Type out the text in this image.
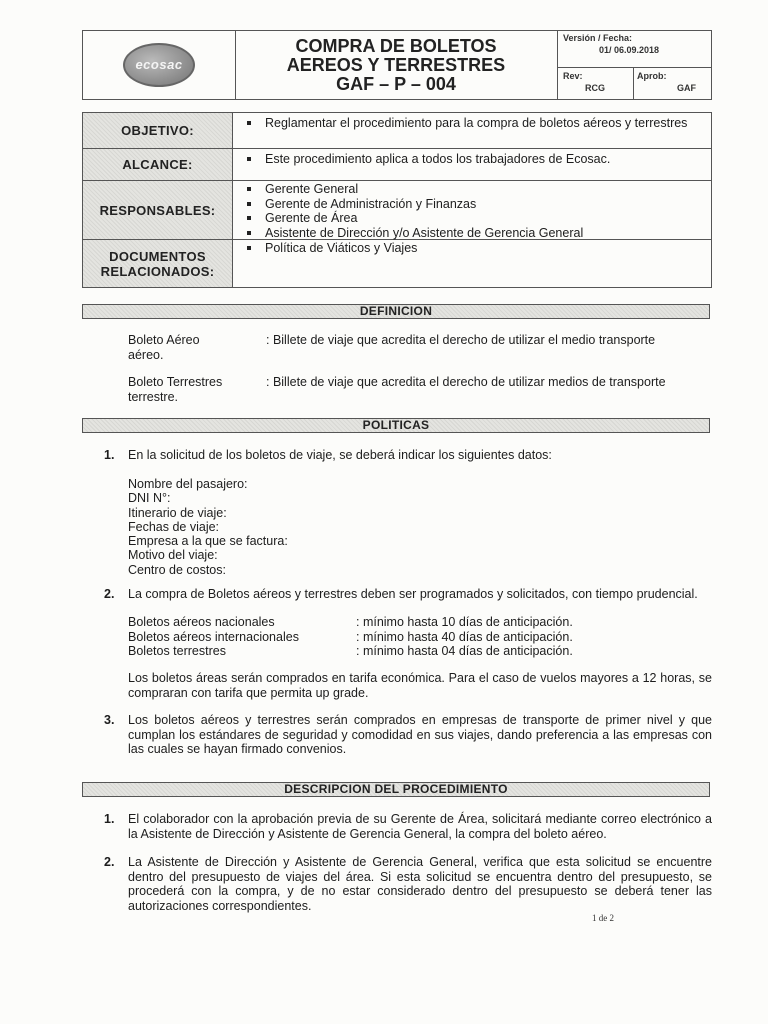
ecosac
COMPRA DE BOLETOS
AEREOS Y TERRESTRES
GAF – P – 004
Versión / Fecha:
01/ 06.09.2018
Rev:
RCG
Aprob:
GAF
OBJETIVO:	Reglamentar el procedimiento para la compra de boletos aéreos y terrestres
ALCANCE:	Este procedimiento aplica a todos los trabajadores de Ecosac.
RESPONSABLES:
Gerente General
Gerente de Administración y Finanzas
Gerente de Área
Asistente de Dirección y/o Asistente de Gerencia General
DOCUMENTOS RELACIONADOS:
Política de Viáticos y Viajes
DEFINICION
Boleto Aéreo
aéreo.
: Billete de viaje que acredita el derecho de utilizar el medio transporte
Boleto Terrestres
terrestre.
: Billete de viaje que acredita el derecho de utilizar medios de transporte
POLITICAS
1. En la solicitud de los boletos de viaje, se deberá indicar los siguientes datos:
Nombre del pasajero:
DNI N°:
Itinerario de viaje:
Fechas de viaje:
Empresa a la que se factura:
Motivo del viaje:
Centro de costos:
2. La compra de Boletos aéreos y terrestres deben ser programados y solicitados, con tiempo prudencial.
Boletos aéreos nacionales
Boletos aéreos internacionales
Boletos terrestres
: mínimo hasta 10 días de anticipación.
: mínimo hasta 40 días de anticipación.
: mínimo hasta 04 días de anticipación.
Los boletos áreas serán comprados en tarifa económica. Para el caso de vuelos mayores a 12 horas, se compraran con tarifa que permita up grade.
3. Los boletos aéreos y terrestres serán comprados en empresas de transporte de primer nivel y que cumplan los estándares de seguridad y comodidad en sus viajes, dando preferencia a las empresas con las cuales se hayan firmado convenios.
DESCRIPCION DEL PROCEDIMIENTO
1. El colaborador con la aprobación previa de su Gerente de Área, solicitará mediante correo electrónico a la Asistente de Dirección y Asistente de Gerencia General, la compra del boleto aéreo.
2. La Asistente de Dirección y Asistente de Gerencia General, verifica que esta solicitud se encuentre dentro del presupuesto de viajes del área. Si esta solicitud se encuentra dentro del presupuesto, se procederá con la compra, y de no estar considerado dentro del presupuesto se deberá tener las autorizaciones correspondientes.
1 de 2
